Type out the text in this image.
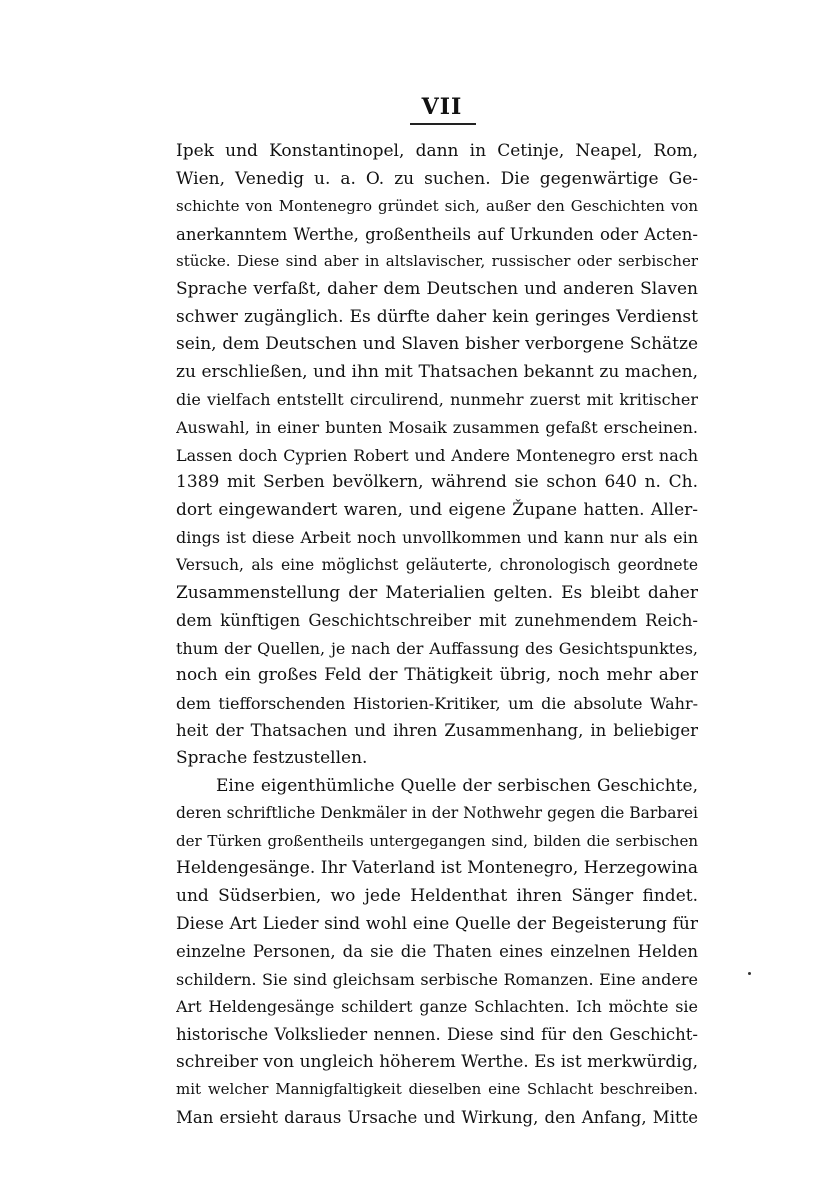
VII
Ipek und Konstantinopel, dann in Cetinje, Neapel, Rom,
Wien, Venedig u. a. O. zu suchen. Die gegenwärtige Ge-
schichte von Montenegro gründet sich, außer den Geschichten von
anerkanntem Werthe, großentheils auf Urkunden oder Acten-
stücke. Diese sind aber in altslavischer, russischer oder serbischer
Sprache verfaßt, daher dem Deutschen und anderen Slaven
schwer zugänglich. Es dürfte daher kein geringes Verdienst
sein, dem Deutschen und Slaven bisher verborgene Schätze
zu erschließen, und ihn mit Thatsachen bekannt zu machen,
die vielfach entstellt circulirend, nunmehr zuerst mit kritischer
Auswahl, in einer bunten Mosaik zusammen gefaßt erscheinen.
Lassen doch Cyprien Robert und Andere Montenegro erst nach
1389 mit Serben bevölkern, während sie schon 640 n. Ch.
dort eingewandert waren, und eigene Župane hatten. Aller-
dings ist diese Arbeit noch unvollkommen und kann nur als ein
Versuch, als eine möglichst geläuterte, chronologisch geordnete
Zusammenstellung der Materialien gelten. Es bleibt daher
dem künftigen Geschichtschreiber mit zunehmendem Reich-
thum der Quellen, je nach der Auffassung des Gesichtspunktes,
noch ein großes Feld der Thätigkeit übrig, noch mehr aber
dem tiefforschenden Historien-Kritiker, um die absolute Wahr-
heit der Thatsachen und ihren Zusammenhang, in beliebiger
Sprache festzustellen.
Eine eigenthümliche Quelle der serbischen Geschichte,
deren schriftliche Denkmäler in der Nothwehr gegen die Barbarei
der Türken großentheils untergegangen sind, bilden die serbischen
Heldengesänge. Ihr Vaterland ist Montenegro, Herzegowina
und Südserbien, wo jede Heldenthat ihren Sänger findet.
Diese Art Lieder sind wohl eine Quelle der Begeisterung für
einzelne Personen, da sie die Thaten eines einzelnen Helden
schildern. Sie sind gleichsam serbische Romanzen. Eine andere
Art Heldengesänge schildert ganze Schlachten. Ich möchte sie
historische Volkslieder nennen. Diese sind für den Geschicht-
schreiber von ungleich höherem Werthe. Es ist merkwürdig,
mit welcher Mannigfaltigkeit dieselben eine Schlacht beschreiben.
Man ersieht daraus Ursache und Wirkung, den Anfang, Mitte
